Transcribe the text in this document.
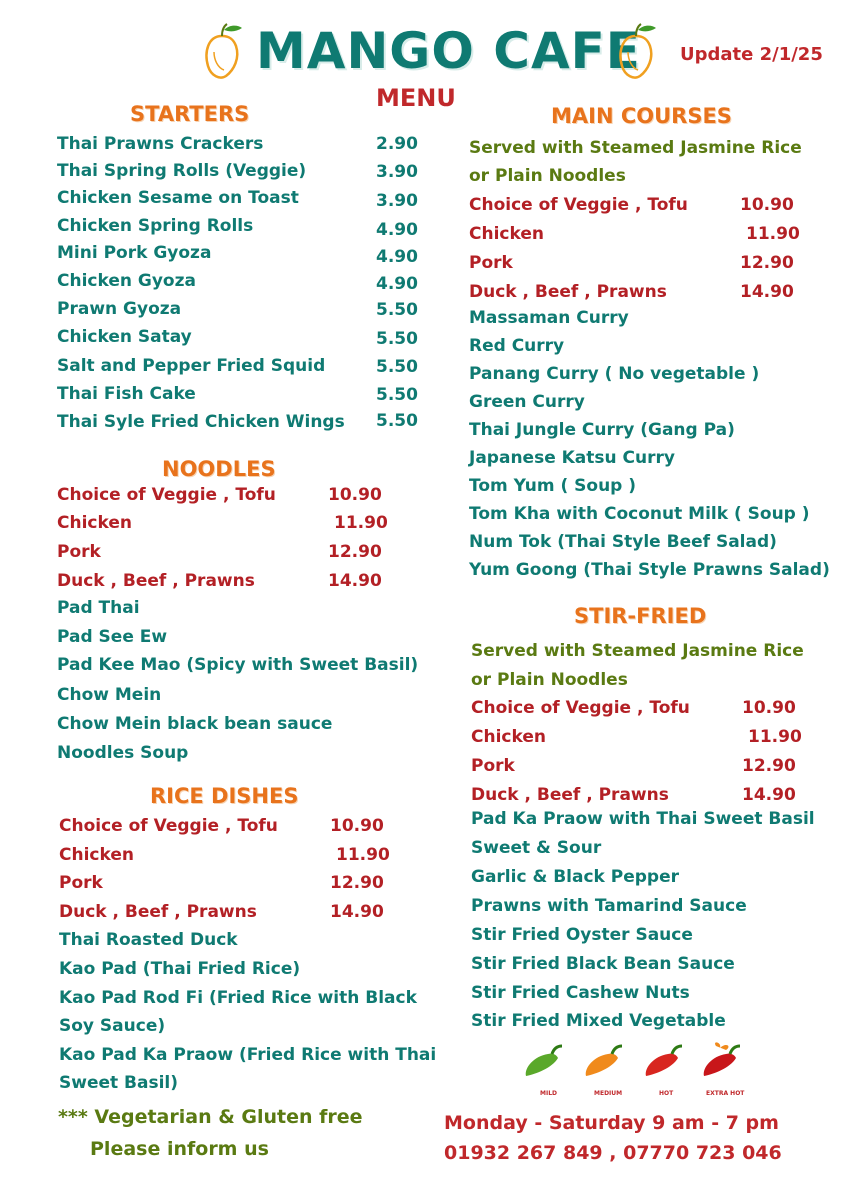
MANGO CAFE Update 2/1/25
MENU
STARTERS
Thai Prawns Crackers	2.90
Thai Spring Rolls (Veggie)	3.90
Chicken Sesame on Toast	3.90
Chicken Spring Rolls	4.90
Mini Pork Gyoza	4.90
Chicken Gyoza	4.90
Prawn Gyoza	5.50
Chicken Satay	5.50
Salt and Pepper Fried Squid	5.50
Thai Fish Cake	5.50
Thai Syle Fried Chicken Wings 5.50
NOODLES
Choice of Veggie , Tofu	10.90
Chicken	11.90
Pork	12.90
Duck , Beef , Prawns	14.90
Pad Thai
Pad See Ew
Pad Kee Mao (Spicy with Sweet Basil)
Chow Mein
Chow Mein black bean sauce
Noodles Soup
RICE DISHES
Choice of Veggie , Tofu	10.90
Chicken	11.90
Pork	12.90
Duck , Beef , Prawns	14.90
Thai Roasted Duck
Kao Pad (Thai Fried Rice)
Kao Pad Rod Fi (Fried Rice with Black
Soy Sauce)
Kao Pad Ka Praow (Fried Rice with Thai
Sweet Basil)
*** Vegetarian & Gluten free
Please inform us
MAIN COURSES
Served with Steamed Jasmine Rice
or Plain Noodles
Choice of Veggie , Tofu	10.90
Chicken	11.90
Pork	12.90
Duck , Beef , Prawns	14.90
Massaman Curry
Red Curry
Panang Curry ( No vegetable )
Green Curry
Thai Jungle Curry (Gang Pa)
Japanese Katsu Curry
Tom Yum ( Soup )
Tom Kha with Coconut Milk ( Soup )
Num Tok (Thai Style Beef Salad)
Yum Goong (Thai Style Prawns Salad)
STIR-FRIED
Served with Steamed Jasmine Rice
or Plain Noodles
Choice of Veggie , Tofu	10.90
Chicken	11.90
Pork	12.90
Duck , Beef , Prawns	14.90
Pad Ka Praow with Thai Sweet Basil
Sweet & Sour
Garlic & Black Pepper
Prawns with Tamarind Sauce
Stir Fried Oyster Sauce
Stir Fried Black Bean Sauce
Stir Fried Cashew Nuts
Stir Fried Mixed Vegetable
MILD	MEDIUM	HOT	EXTRA HOT
Monday - Saturday 9 am - 7 pm
01932 267 849 , 07770 723 046
